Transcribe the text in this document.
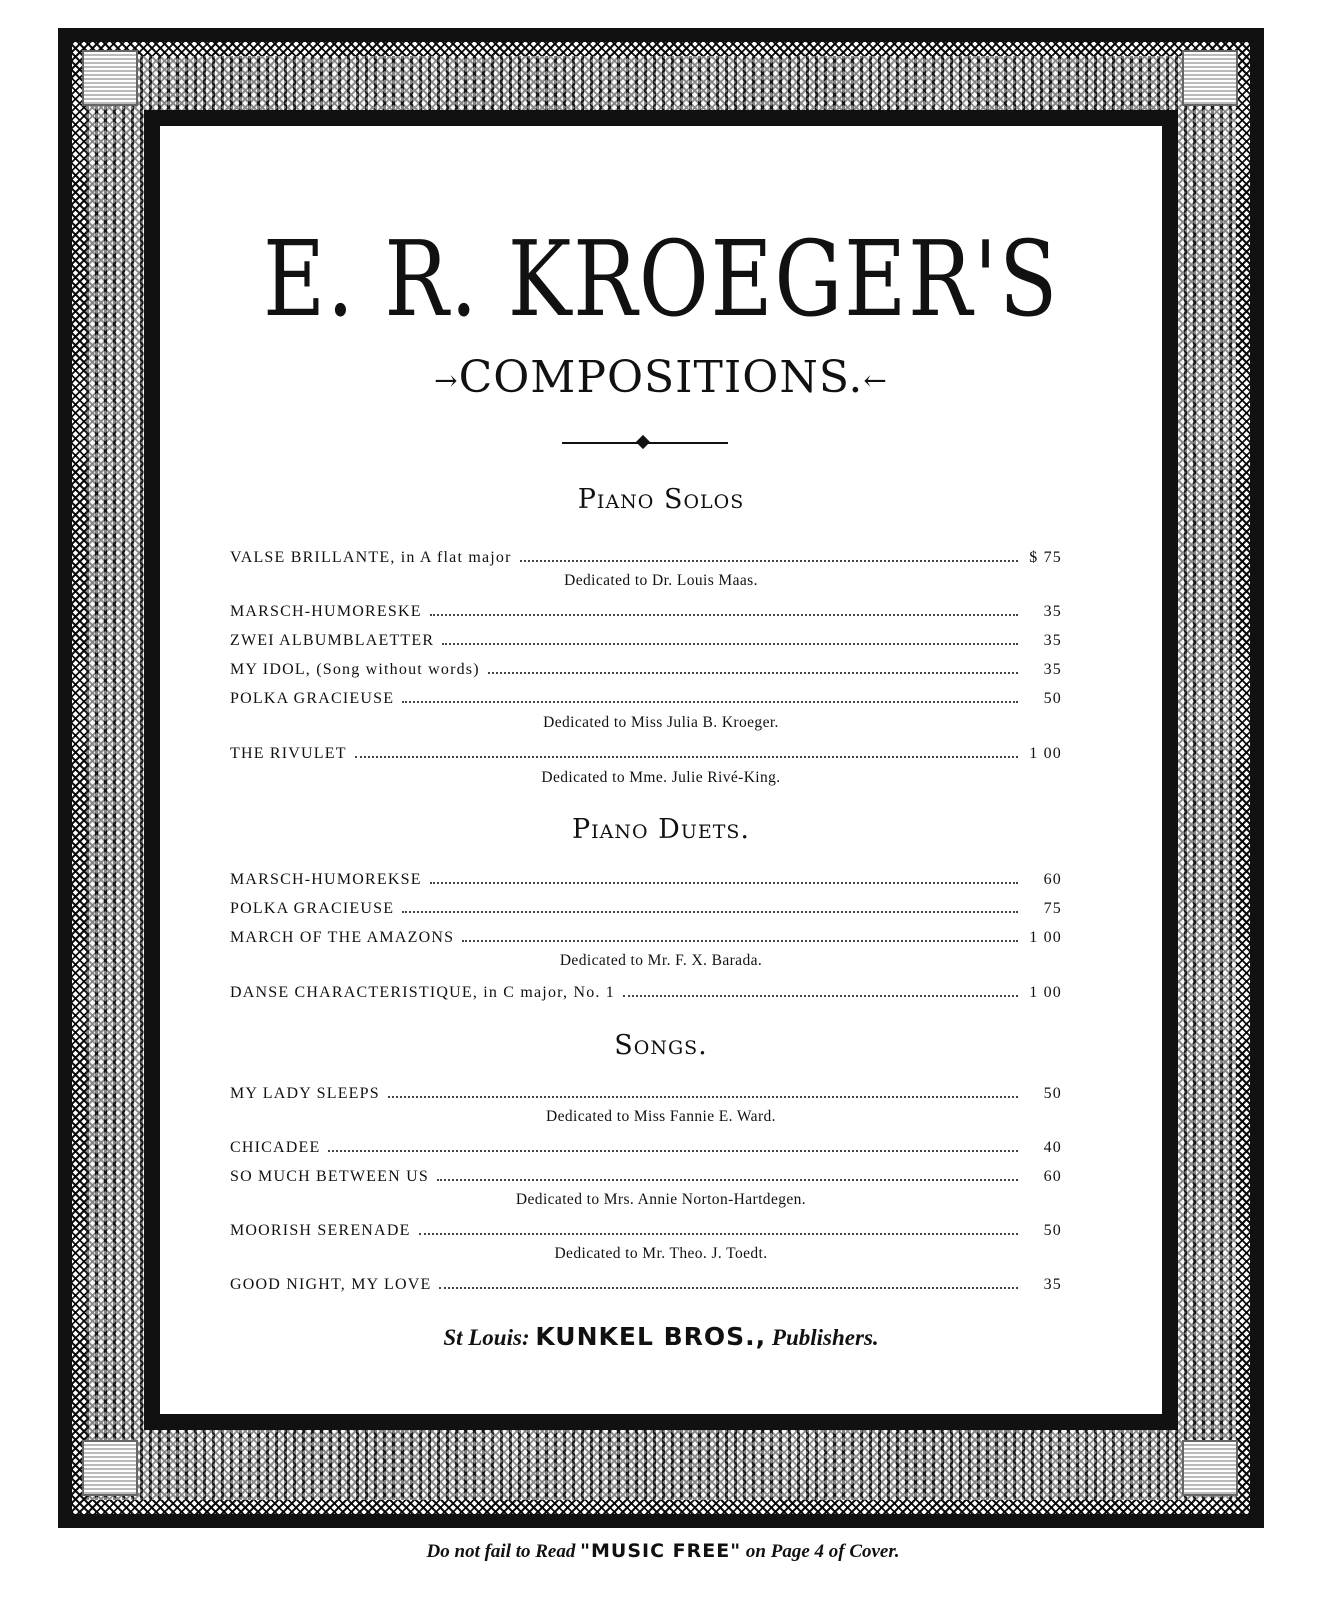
E. R. KROEGER'S
→COMPOSITIONS.←
Piano Solos
VALSE BRILLANTE, in A flat major	$ 75
Dedicated to Dr. Louis Maas.
MARSCH-HUMORESKE	35
ZWEI ALBUMBLAETTER	35
MY IDOL, (Song without words)	35
POLKA GRACIEUSE	50
Dedicated to Miss Julia B. Kroeger.
THE RIVULET	1 00
Dedicated to Mme. Julie Rivé-King.
Piano Duets.
MARSCH-HUMOREKSE	60
POLKA GRACIEUSE	75
MARCH OF THE AMAZONS	1 00
Dedicated to Mr. F. X. Barada.
DANSE CHARACTERISTIQUE, in C major, No. 1	1 00
Songs.
MY LADY SLEEPS	50
Dedicated to Miss Fannie E. Ward.
CHICADEE	40
SO MUCH BETWEEN US	60
Dedicated to Mrs. Annie Norton-Hartdegen.
MOORISH SERENADE	50
Dedicated to Mr. Theo. J. Toedt.
GOOD NIGHT, MY LOVE	35
St Louis: KUNKEL BROS., Publishers.
Do not fail to Read "MUSIC FREE" on Page 4 of Cover.
